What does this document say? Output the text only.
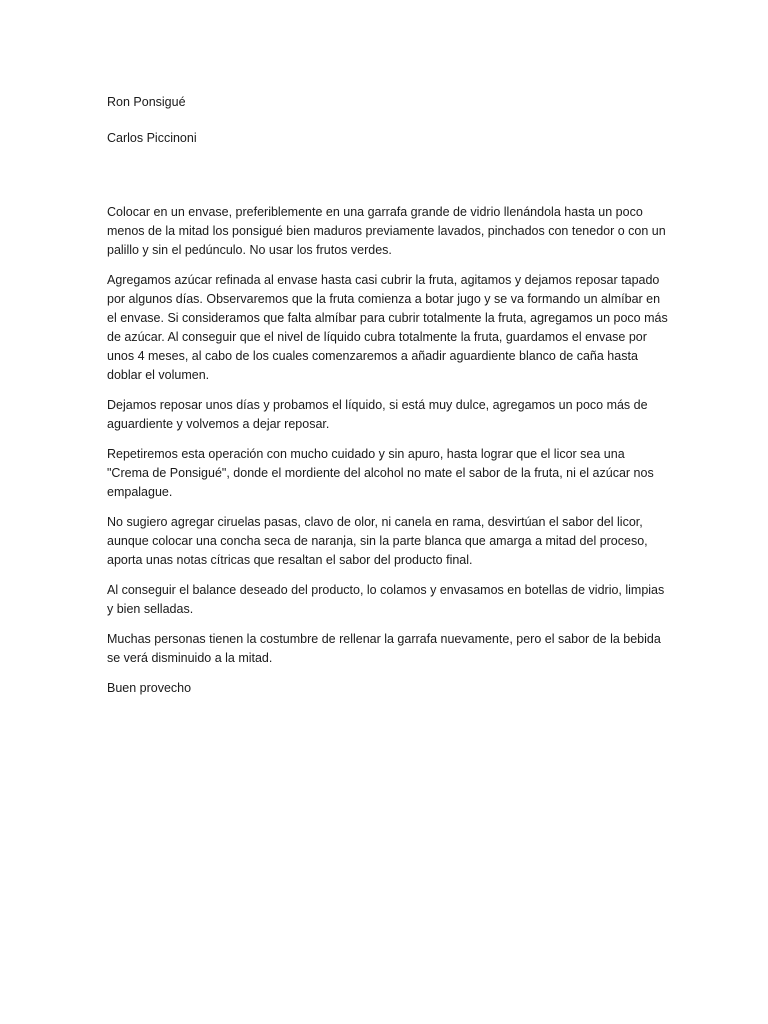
Ron Ponsigué

Carlos Piccinoni

Colocar en un envase, preferiblemente en una garrafa grande de vidrio llenándola hasta un poco menos de la mitad los ponsigué bien maduros previamente lavados, pinchados con tenedor o con un palillo y sin el pedúnculo. No usar los frutos verdes.

Agregamos azúcar refinada al envase hasta casi cubrir la fruta, agitamos y dejamos reposar tapado por algunos días. Observaremos que la fruta comienza a botar jugo y se va formando un almíbar en el envase. Si consideramos que falta almíbar para cubrir totalmente la fruta, agregamos un poco más de azúcar. Al conseguir que el nivel de líquido cubra totalmente la fruta, guardamos el envase por unos 4 meses, al cabo de los cuales comenzaremos a añadir aguardiente blanco de caña hasta doblar el volumen.

Dejamos reposar unos días y probamos el líquido, si está muy dulce, agregamos un poco más de aguardiente y volvemos a dejar reposar.

Repetiremos esta operación con mucho cuidado y sin apuro, hasta lograr que el licor sea una "Crema de Ponsigué", donde el mordiente del alcohol no mate el sabor de la fruta, ni el azúcar nos empalague.

No sugiero agregar ciruelas pasas, clavo de olor, ni canela en rama, desvirtúan el sabor del licor, aunque colocar una concha seca de naranja, sin la parte blanca que amarga a mitad del proceso, aporta unas notas cítricas que resaltan el sabor del producto final.

Al conseguir el balance deseado del producto, lo colamos y envasamos en botellas de vidrio, limpias y bien selladas.

Muchas personas tienen la costumbre de rellenar la garrafa nuevamente, pero el sabor de la bebida se verá disminuido a la mitad.

Buen provecho
